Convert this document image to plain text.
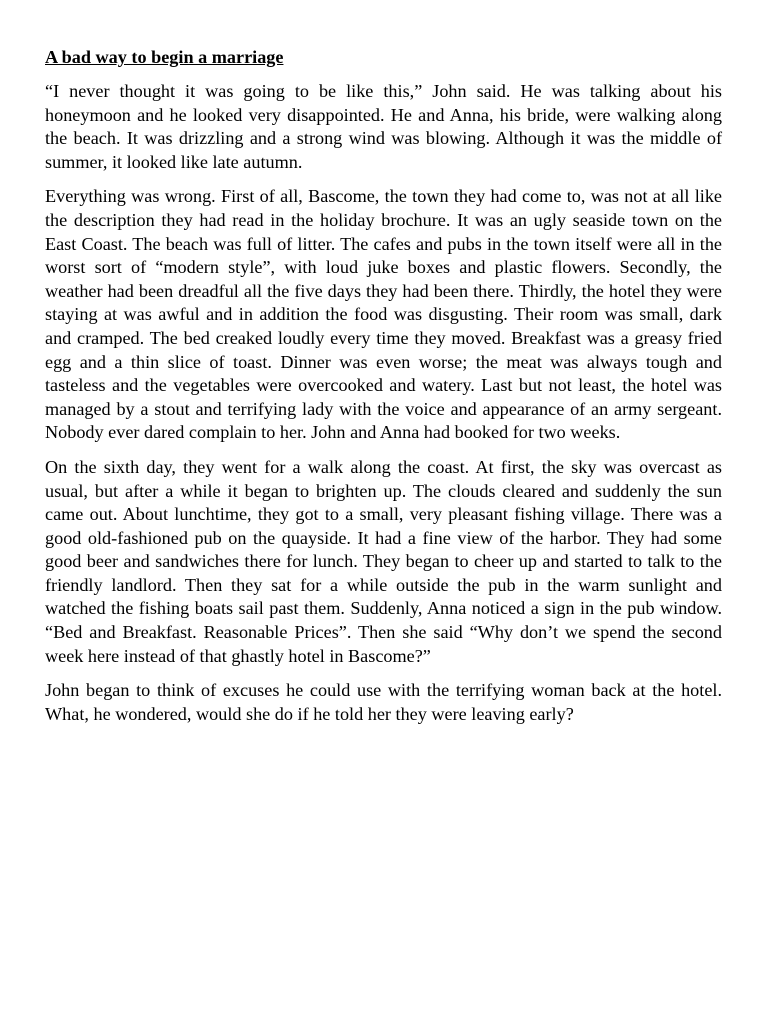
A bad way to begin a marriage

“I never thought it was going to be like this,” John said. He was talking about his honeymoon and he looked very disappointed. He and Anna, his bride, were walking along the beach. It was drizzling and a strong wind was blowing. Although it was the middle of summer, it looked like late autumn.

Everything was wrong. First of all, Bascome, the town they had come to, was not at all like the description they had read in the holiday brochure. It was an ugly seaside town on the East Coast. The beach was full of litter. The cafes and pubs in the town itself were all in the worst sort of “modern style”, with loud juke boxes and plastic flowers. Secondly, the weather had been dreadful all the five days they had been there. Thirdly, the hotel they were staying at was awful and in addition the food was disgusting. Their room was small, dark and cramped. The bed creaked loudly every time they moved. Breakfast was a greasy fried egg and a thin slice of toast. Dinner was even worse; the meat was always tough and tasteless and the vegetables were overcooked and watery. Last but not least, the hotel was managed by a stout and terrifying lady with the voice and appearance of an army sergeant. Nobody ever dared complain to her. John and Anna had booked for two weeks.

On the sixth day, they went for a walk along the coast. At first, the sky was overcast as usual, but after a while it began to brighten up. The clouds cleared and suddenly the sun came out. About lunchtime, they got to a small, very pleasant fishing village. There was a good old-fashioned pub on the quayside. It had a fine view of the harbor. They had some good beer and sandwiches there for lunch. They began to cheer up and started to talk to the friendly landlord. Then they sat for a while outside the pub in the warm sunlight and watched the fishing boats sail past them. Suddenly, Anna noticed a sign in the pub window. “Bed and Breakfast. Reasonable Prices”. Then she said “Why don’t we spend the second week here instead of that ghastly hotel in Bascome?”

John began to think of excuses he could use with the terrifying woman back at the hotel. What, he wondered, would she do if he told her they were leaving early?
